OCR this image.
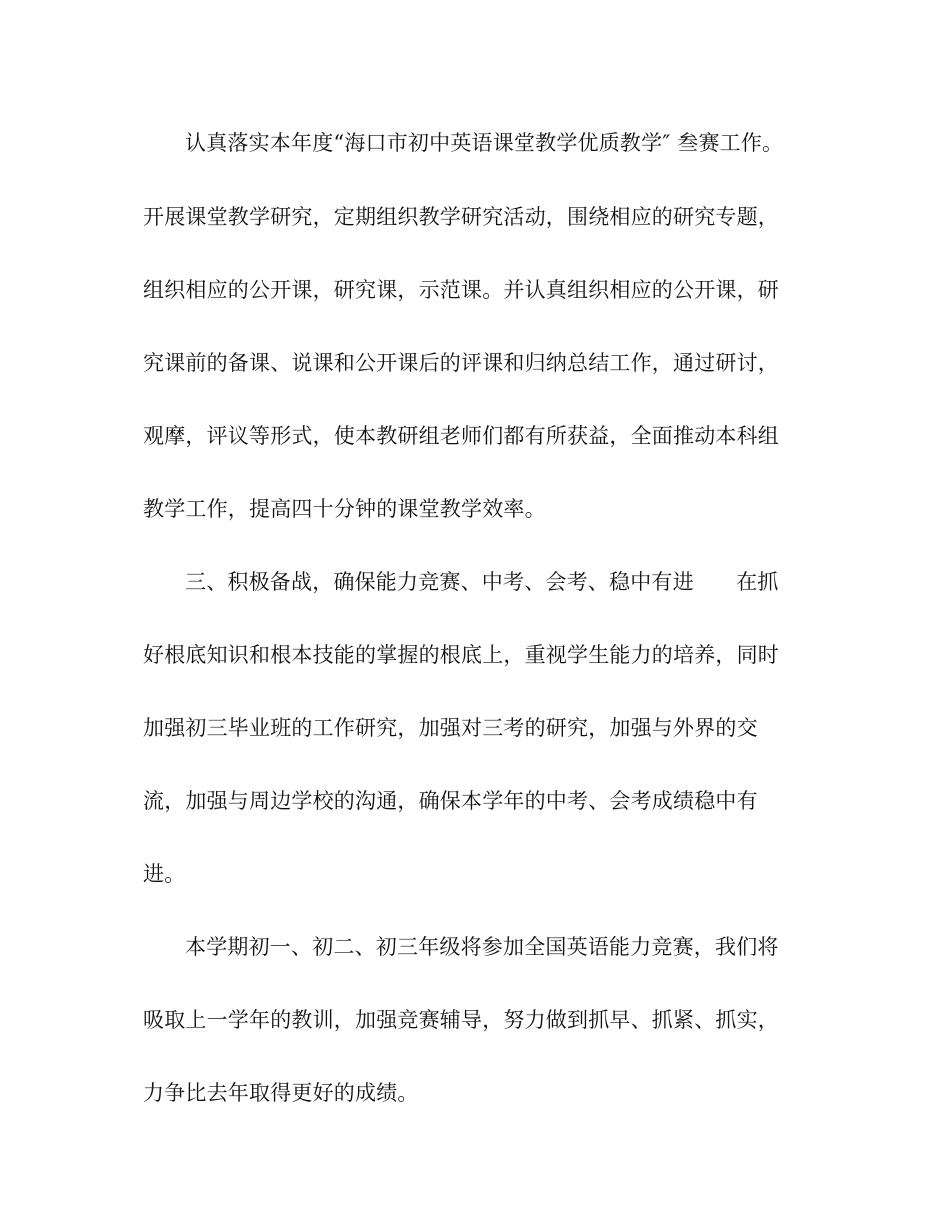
认真落实本年度“海口市初中英语课堂教学优质教学″ 叁赛工作。
开展课堂教学研究，定期组织教学研究活动，围绕相应的研究专题，
组织相应的公开课，研究课，示范课。并认真组织相应的公开课，研
究课前的备课、说课和公开课后的评课和归纳总结工作，通过研讨，
观摩，评议等形式，使本教研组老师们都有所获益，全面推动本科组
教学工作，提高四十分钟的课堂教学效率。
三、积极备战，确保能力竞赛、中考、会考、稳中有进　　在抓
好根底知识和根本技能的掌握的根底上，重视学生能力的培养，同时
加强初三毕业班的工作研究，加强对三考的研究，加强与外界的交
流，加强与周边学校的沟通，确保本学年的中考、会考成绩稳中有
进。
本学期初一、初二、初三年级将参加全国英语能力竞赛，我们将
吸取上一学年的教训，加强竞赛辅导，努力做到抓早、抓紧、抓实，
力争比去年取得更好的成绩。
